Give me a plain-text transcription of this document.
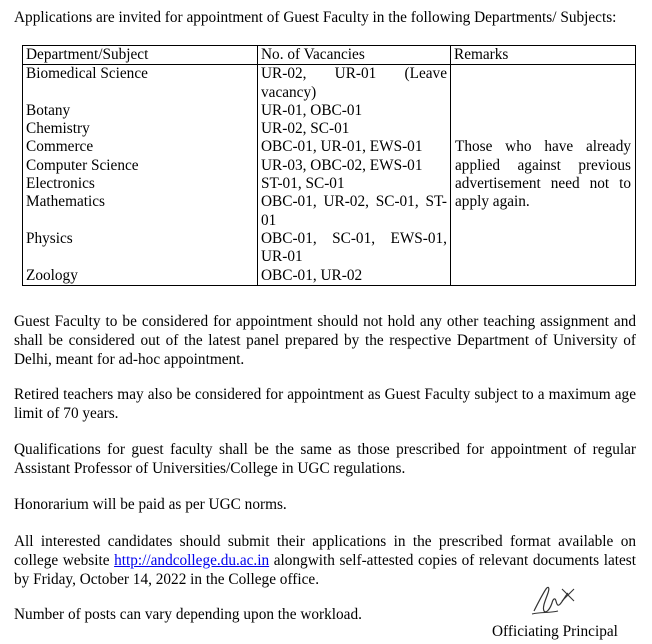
Applications are invited for appointment of Guest Faculty in the following Departments/ Subjects:
Department/Subject	No. of Vacancies	Remarks
Biomedical Science	UR-02, UR-01 (Leave vacancy)	Those who have already applied against previous advertisement need not to apply again.
Botany	UR-01, OBC-01	
Chemistry	UR-02, SC-01	
Commerce	OBC-01, UR-01, EWS-01	
Computer Science	UR-03, OBC-02, EWS-01	
Electronics	ST-01, SC-01	
Mathematics	OBC-01, UR-02, SC-01, ST-01	
Physics	OBC-01, SC-01, EWS-01, UR-01	
Zoology	OBC-01, UR-02	
Guest Faculty to be considered for appointment should not hold any other teaching assignment and shall be considered out of the latest panel prepared by the respective Department of University of Delhi, meant for ad-hoc appointment.
Retired teachers may also be considered for appointment as Guest Faculty subject to a maximum age limit of 70 years.
Qualifications for guest faculty shall be the same as those prescribed for appointment of regular Assistant Professor of Universities/College in UGC regulations.
Honorarium will be paid as per UGC norms.
All interested candidates should submit their applications in the prescribed format available on college website http://andcollege.du.ac.in alongwith self-attested copies of relevant documents latest by Friday, October 14, 2022 in the College office.
Number of posts can vary depending upon the workload.
Officiating Principal
